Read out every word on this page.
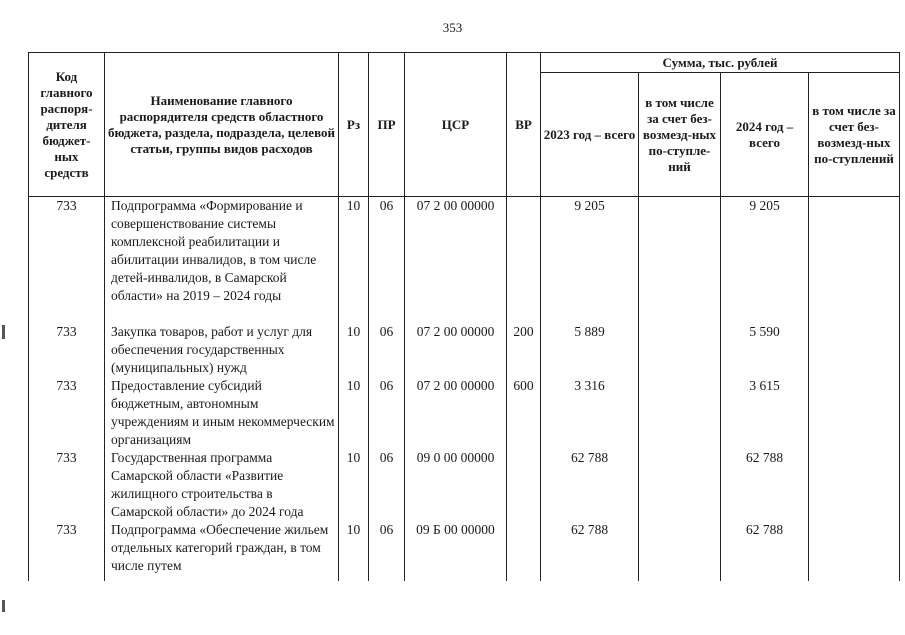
353
Код главного распоря-дителя бюджет-ных средств	Наименование главного распорядителя средств областного бюджета, раздела, подраздела, целевой статьи, группы видов расходов	Рз	ПР	ЦСР	ВР	Сумма, тыс. рублей			
						2023 год – всего	в том числе за счет без-возмезд-ных по-ступле-ний	2024 год – всего	в том числе за счет без-возмезд-ных по-ступлений
733	Подпрограмма «Формирование и совершенствование системы комплексной реабилитации и абилитации инвалидов, в том числе детей-инвалидов, в Самарской области» на 2019 – 2024 годы	10	06	07 2 00 00000		9 205		9 205	
733	Закупка товаров, работ и услуг для обеспечения государственных (муниципальных) нужд	10	06	07 2 00 00000	200	5 889		5 590	
733	Предоставление субсидий бюджетным, автономным учреждениям и иным некоммерческим организациям	10	06	07 2 00 00000	600	3 316		3 615	
733	Государственная программа Самарской области «Развитие жилищного строительства в Самарской области» до 2024 года	10	06	09 0 00 00000		62 788		62 788	
733	Подпрограмма «Обеспечение жильем отдельных категорий граждан, в том числе путем	10	06	09 Б 00 00000		62 788		62 788	
